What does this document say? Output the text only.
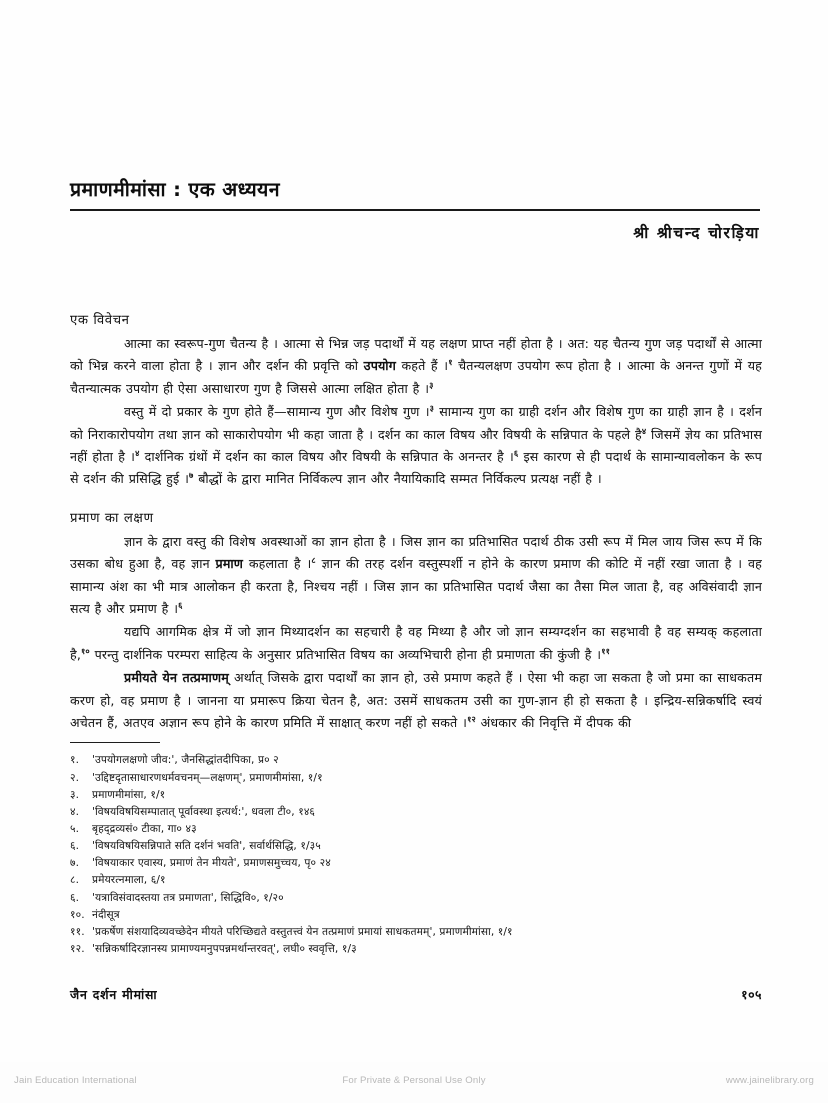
प्रमाणमीमांसा : एक अध्ययन
श्री श्रीचन्द चोरड़िया
एक विवेचन

आत्मा का स्वरूप-गुण चैतन्य है । आत्मा से भिन्न जड़ पदार्थों में यह लक्षण प्राप्त नहीं होता है । अत: यह चैतन्य गुण जड़ पदार्थों से आत्मा को भिन्न करने वाला होता है । ज्ञान और दर्शन की प्रवृत्ति को उपयोग कहते हैं ।$^१$ चैतन्यलक्षण उपयोग रूप होता है । आत्मा के अनन्त गुणों में यह चैतन्यात्मक उपयोग ही ऐसा असाधारण गुण है जिससे आत्मा लक्षित होता है ।$^३$

वस्तु में दो प्रकार के गुण होते हैं—सामान्य गुण और विशेष गुण ।$^३$ सामान्य गुण का ग्राही दर्शन और विशेष गुण का ग्राही ज्ञान है । दर्शन को निराकारोपयोग तथा ज्ञान को साकारोपयोग भी कहा जाता है । दर्शन का काल विषय और विषयी के सन्निपात के पहले है$^४$ जिसमें ज्ञेय का प्रतिभास नहीं होता है ।$^४$ दार्शनिक ग्रंथों में दर्शन का काल विषय और विषयी के सन्निपात के अनन्तर है ।$^६$ इस कारण से ही पदार्थ के सामान्यावलोकन के रूप से दर्शन की प्रसिद्धि हुई ।$^७$ बौद्धों के द्वारा मानित निर्विकल्प ज्ञान और नैयायिकादि सम्मत निर्विकल्प प्रत्यक्ष नहीं है ।

प्रमाण का लक्षण

ज्ञान के द्वारा वस्तु की विशेष अवस्थाओं का ज्ञान होता है । जिस ज्ञान का प्रतिभासित पदार्थ ठीक उसी रूप में मिल जाय जिस रूप में कि उसका बोध हुआ है, वह ज्ञान प्रमाण कहलाता है ।$^८$ ज्ञान की तरह दर्शन वस्तुस्पर्शी न होने के कारण प्रमाण की कोटि में नहीं रखा जाता है । वह सामान्य अंश का भी मात्र आलोकन ही करता है, निश्चय नहीं । जिस ज्ञान का प्रतिभासित पदार्थ जैसा का तैसा मिल जाता है, वह अविसंवादी ज्ञान सत्य है और प्रमाण है ।$^६$

यद्यपि आगमिक क्षेत्र में जो ज्ञान मिथ्यादर्शन का सहचारी है वह मिथ्या है और जो ज्ञान सम्यग्दर्शन का सहभावी है वह सम्यक् कहलाता है,$^{१०}$ परन्तु दार्शनिक परम्परा साहित्य के अनुसार प्रतिभासित विषय का अव्यभिचारी होना ही प्रमाणता की कुंजी है ।$^{११}$

प्रमीयते येन तत्प्रमाणम् अर्थात् जिसके द्वारा पदार्थों का ज्ञान हो, उसे प्रमाण कहते हैं । ऐसा भी कहा जा सकता है जो प्रमा का साधकतम करण हो, वह प्रमाण है । जानना या प्रमारूप क्रिया चेतन है, अत: उसमें साधकतम उसी का गुण-ज्ञान ही हो सकता है । इन्द्रिय-सन्निकर्षादि स्वयं अचेतन हैं, अतएव अज्ञान रूप होने के कारण प्रमिति में साक्षात् करण नहीं हो सकते ।$^{१२}$ अंधकार की निवृत्ति में दीपक की

१. 'उपयोगलक्षणो जीव:', जैनसिद्धांतदीपिका, प्र० २
२. 'उद्दिष्टदृतासाधारणधर्मवचनम्—लक्षणम्', प्रमाणमीमांसा, १/१
३. प्रमाणमीमांसा, १/१
४. 'विषयविषयिसम्पातात् पूर्वावस्था इत्यर्थ:', धवला टी०, १४६
५. बृहद्द्रव्यसं० टीका, गा० ४३
६. 'विषयविषयिसन्निपाते सति दर्शनं भवति', सर्वार्थसिद्धि, १/३५
७. 'विषयाकार एवास्य, प्रमाणं तेन मीयते', प्रमाणसमुच्चय, पृ० २४
८. प्रमेयरत्नमाला, ६/१
६. 'यत्राविसंवादस्तया तत्र प्रमाणता', सिद्धिवि०, १/२०
१०. नंदीसूत्र
११. 'प्रकर्षेण संशयादिव्यवच्छेदेन मीयते परिच्छिद्यते वस्तुतत्त्वं येन तत्प्रमाणं प्रमायां साधकतमम्', प्रमाणमीमांसा, १/१
१२. 'सन्निकर्षादिरज्ञानस्य प्रामाण्यमनुपपन्नमर्थान्तरवत्', लघी० स्ववृत्ति, १/३
जैन दर्शन मीमांसा	१०५
Jain Education International	For Private & Personal Use Only	www.jainelibrary.org
